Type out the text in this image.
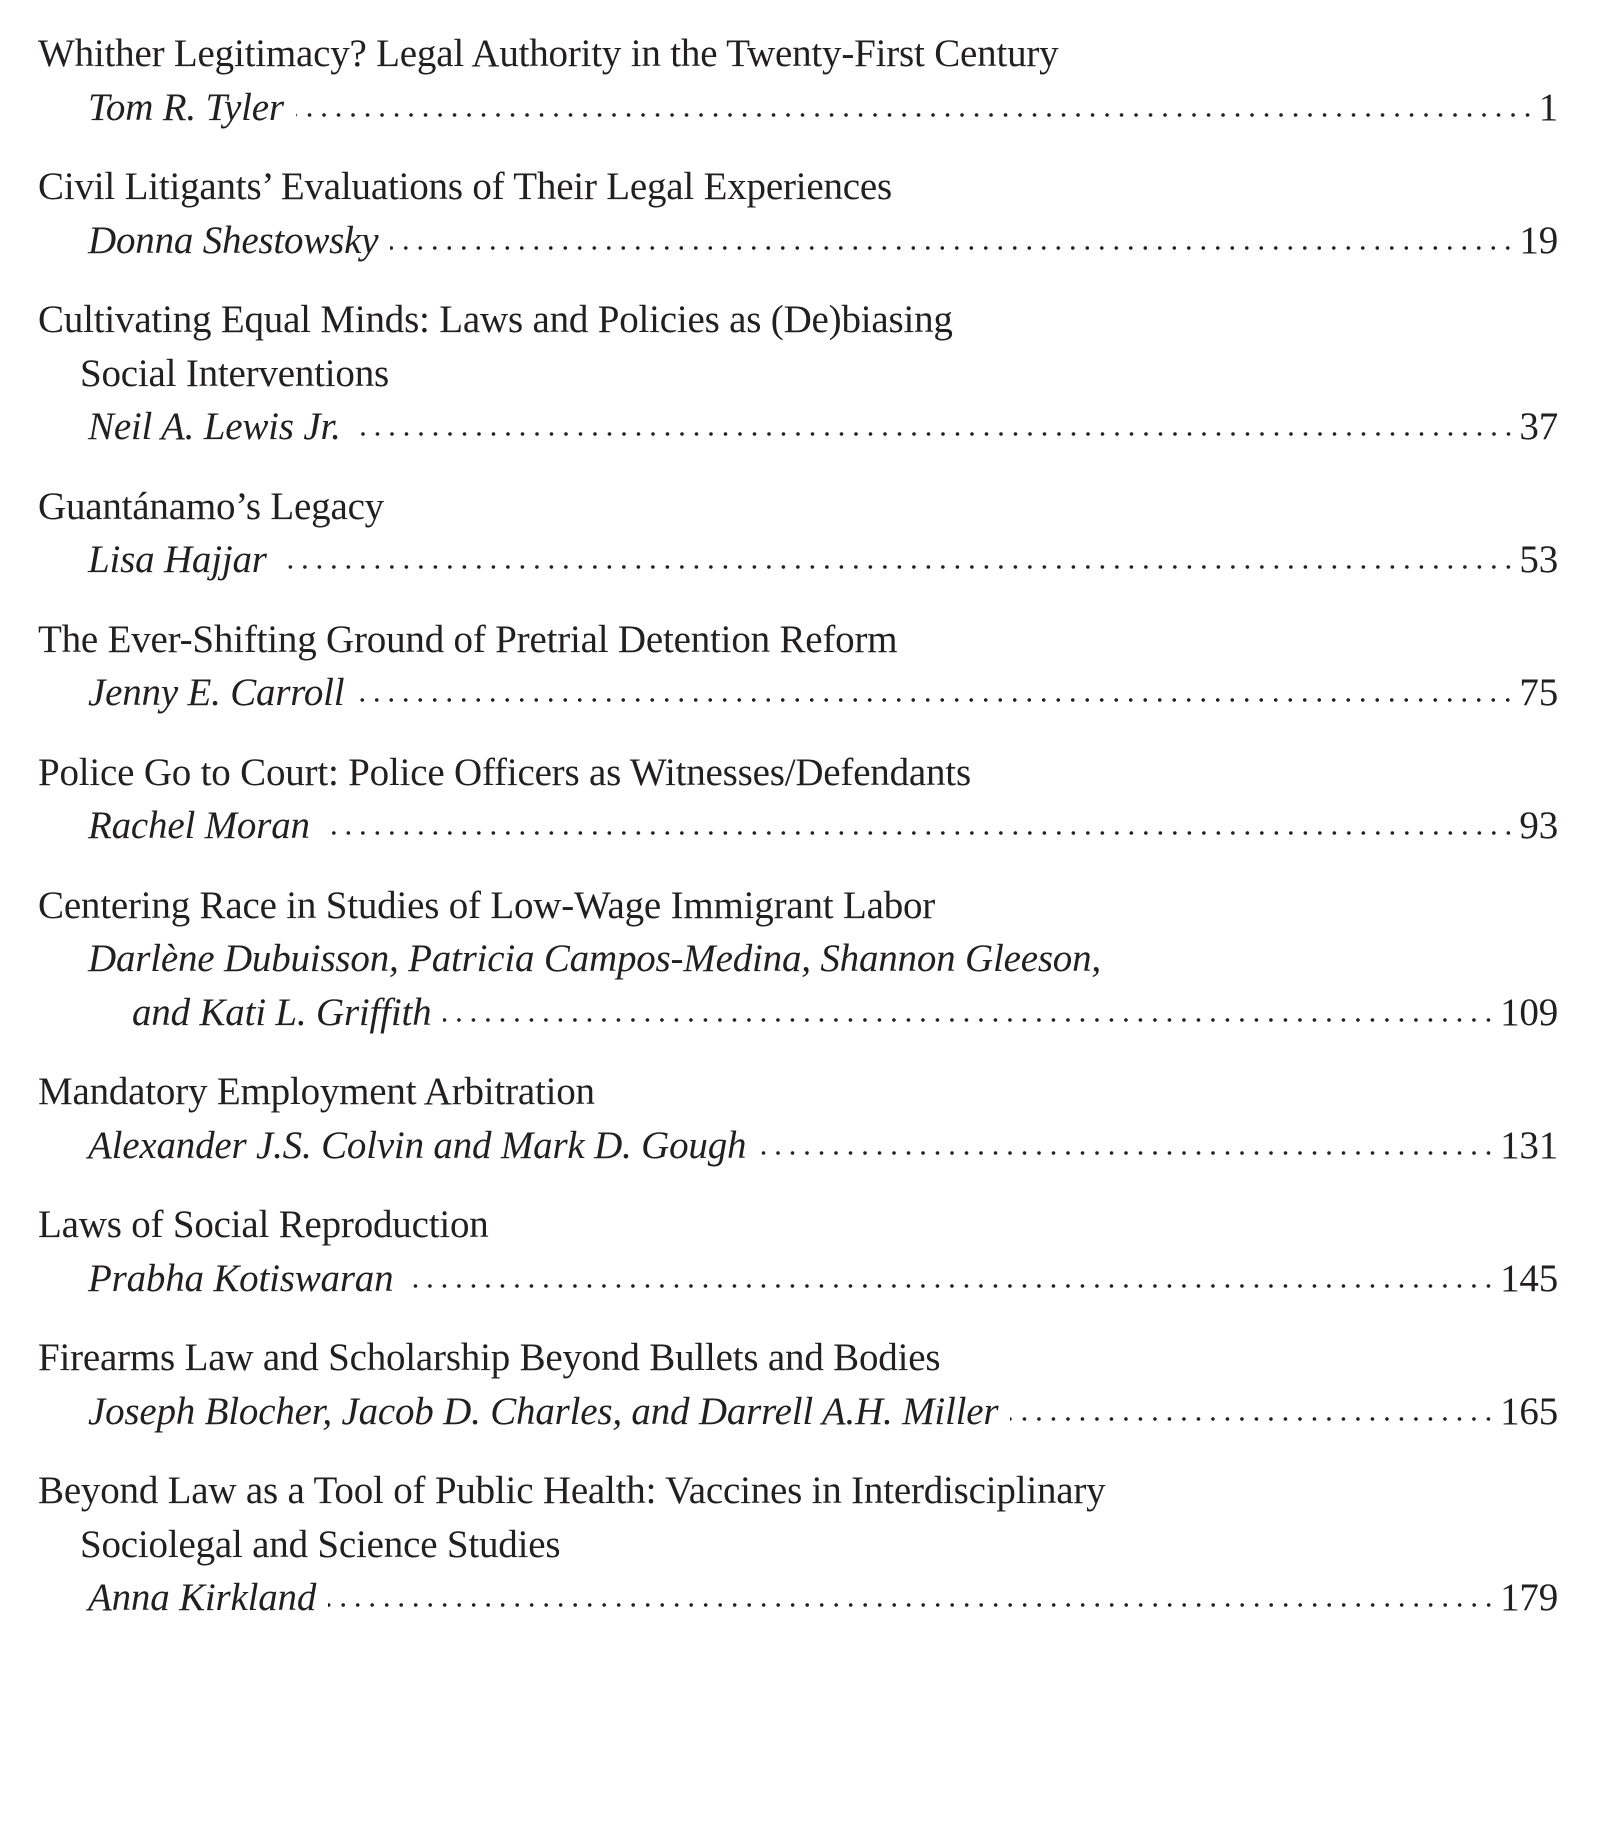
Whither Legitimacy? Legal Authority in the Twenty-First Century
Tom R. Tyler	1
Civil Litigants’ Evaluations of Their Legal Experiences
Donna Shestowsky	19
Cultivating Equal Minds: Laws and Policies as (De)biasing
Social Interventions
Neil A. Lewis Jr.	37
Guantánamo’s Legacy
Lisa Hajjar	53
The Ever-Shifting Ground of Pretrial Detention Reform
Jenny E. Carroll	75
Police Go to Court: Police Officers as Witnesses/Defendants
Rachel Moran	93
Centering Race in Studies of Low-Wage Immigrant Labor
Darlène Dubuisson, Patricia Campos-Medina, Shannon Gleeson,
and Kati L. Griffith	109
Mandatory Employment Arbitration
Alexander J.S. Colvin and Mark D. Gough	131
Laws of Social Reproduction
Prabha Kotiswaran	145
Firearms Law and Scholarship Beyond Bullets and Bodies
Joseph Blocher, Jacob D. Charles, and Darrell A.H. Miller	165
Beyond Law as a Tool of Public Health: Vaccines in Interdisciplinary
Sociolegal and Science Studies
Anna Kirkland	179
